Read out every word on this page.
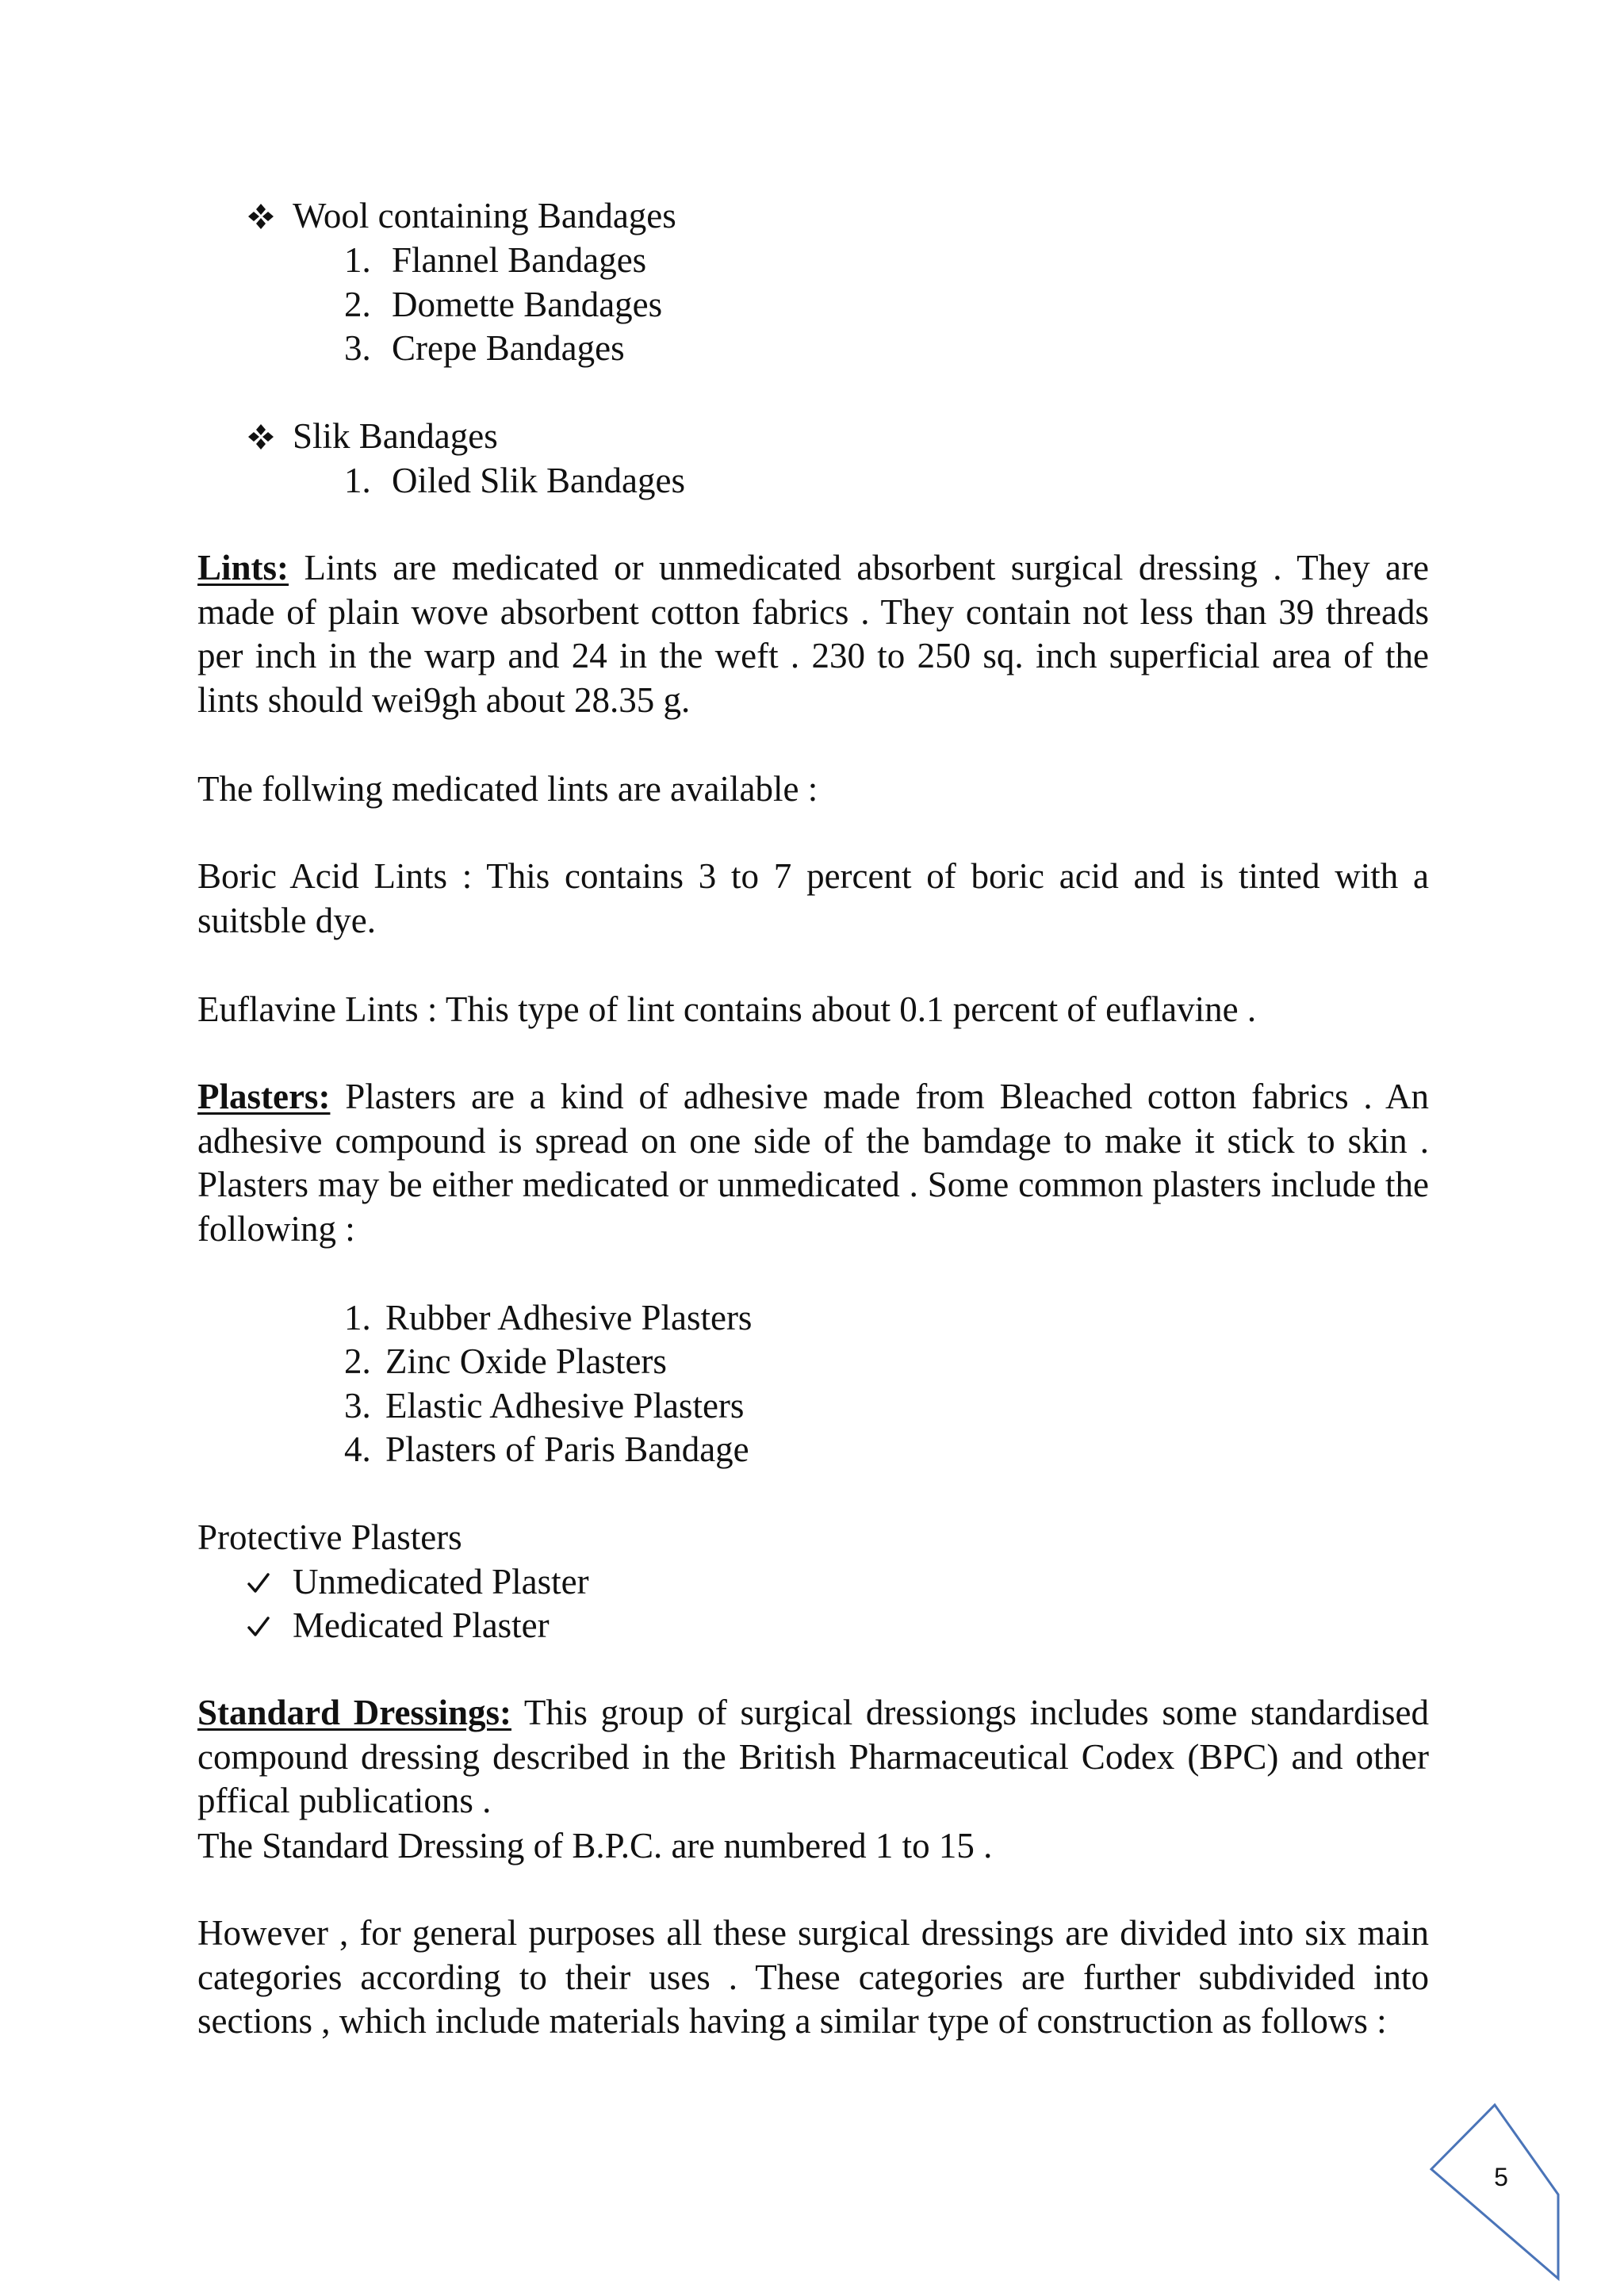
Wool containing Bandages
1. Flannel Bandages
2. Domette Bandages
3. Crepe Bandages
Slik Bandages
1. Oiled Slik Bandages
Lints: Lints are medicated or unmedicated absorbent surgical dressing . They are made of plain wove absorbent cotton fabrics . They contain not less than 39 threads per inch in the warp and 24 in the weft . 230 to 250 sq. inch superficial area of the lints should wei9gh about 28.35 g.
The follwing medicated lints are available :
Boric Acid Lints : This contains 3 to 7 percent of boric acid and is tinted with a suitsble dye.
Euflavine Lints : This type of lint contains about 0.1 percent of euflavine .
Plasters: Plasters are a kind of adhesive made from Bleached cotton fabrics . An adhesive compound is spread on one side of the bamdage to make it stick to skin . Plasters may be either medicated or unmedicated . Some common plasters include the following :
1. Rubber Adhesive Plasters
2. Zinc Oxide Plasters
3. Elastic Adhesive Plasters
4. Plasters of Paris Bandage
Protective Plasters
Unmedicated Plaster
Medicated Plaster
Standard Dressings: This group of surgical dressiongs includes some standardised compound dressing described in the British Pharmaceutical Codex (BPC) and other pffical publications .
The Standard Dressing of B.P.C. are numbered 1 to 15 .
However , for general purposes all these surgical dressings are divided into six main categories according to their uses . These categories are further subdivided into sections , which include materials having a similar type of construction as follows :
5
